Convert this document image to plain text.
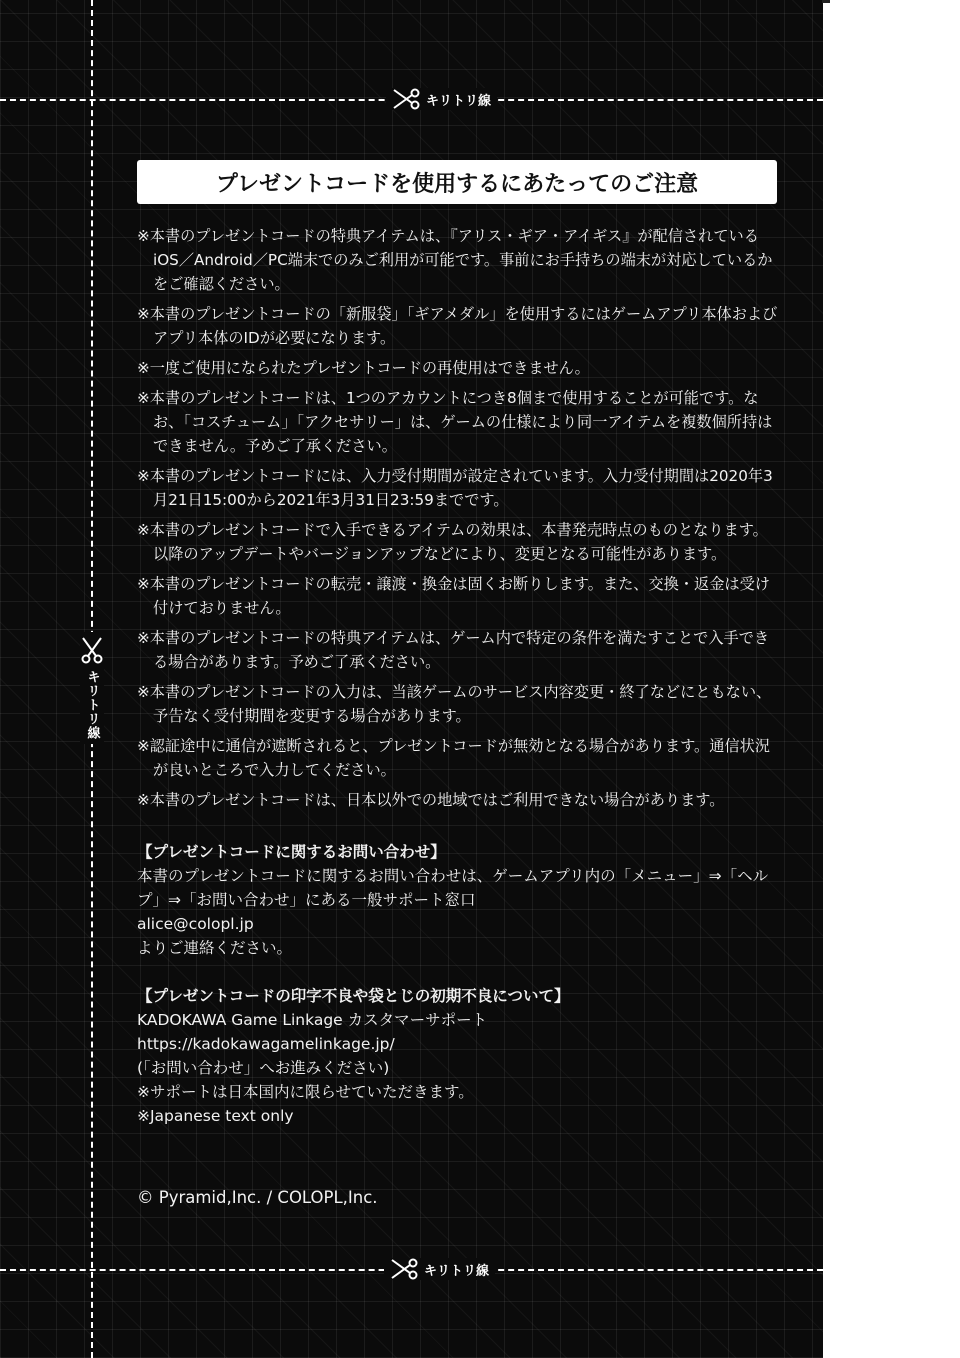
キリトリ線
キリトリ線
キリトリ線
プレゼントコードを使用するにあたってのご注意
※本書のプレゼントコードの特典アイテムは、『アリス・ギア・アイギス』が配信されているiOS／Android／PC端末でのみご利用が可能です。事前にお手持ちの端末が対応しているかをご確認ください。
※本書のプレゼントコードの「新服袋」「ギアメダル」を使用するにはゲームアプリ本体およびアプリ本体のIDが必要になります。
※一度ご使用になられたプレゼントコードの再使用はできません。
※本書のプレゼントコードは、1つのアカウントにつき8個まで使用することが可能です。なお、「コスチューム」「アクセサリー」は、ゲームの仕様により同一アイテムを複数個所持はできません。予めご了承ください。
※本書のプレゼントコードには、入力受付期間が設定されています。入力受付期間は2020年3月21日15:00から2021年3月31日23:59までです。
※本書のプレゼントコードで入手できるアイテムの効果は、本書発売時点のものとなります。以降のアップデートやバージョンアップなどにより、変更となる可能性があります。
※本書のプレゼントコードの転売・譲渡・換金は固くお断りします。また、交換・返金は受け付けておりません。
※本書のプレゼントコードの特典アイテムは、ゲーム内で特定の条件を満たすことで入手できる場合があります。予めご了承ください。
※本書のプレゼントコードの入力は、当該ゲームのサービス内容変更・終了などにともない、予告なく受付期間を変更する場合があります。
※認証途中に通信が遮断されると、プレゼントコードが無効となる場合があります。通信状況が良いところで入力してください。
※本書のプレゼントコードは、日本以外での地域ではご利用できない場合があります。

【プレゼントコードに関するお問い合わせ】

本書のプレゼントコードに関するお問い合わせは、ゲームアプリ内の「メニュー」⇒「ヘルプ」⇒「お問い合わせ」にある一般サポート窓口

alice@colopl.jp

よりご連絡ください。

【プレゼントコードの印字不良や袋とじの初期不良について】

KADOKAWA Game Linkage カスタマーサポート

https://kadokawagamelinkage.jp/

(「お問い合わせ」へお進みください)

※サポートは日本国内に限らせていただきます。

※Japanese text only

© Pyramid,Inc. / COLOPL,Inc.
